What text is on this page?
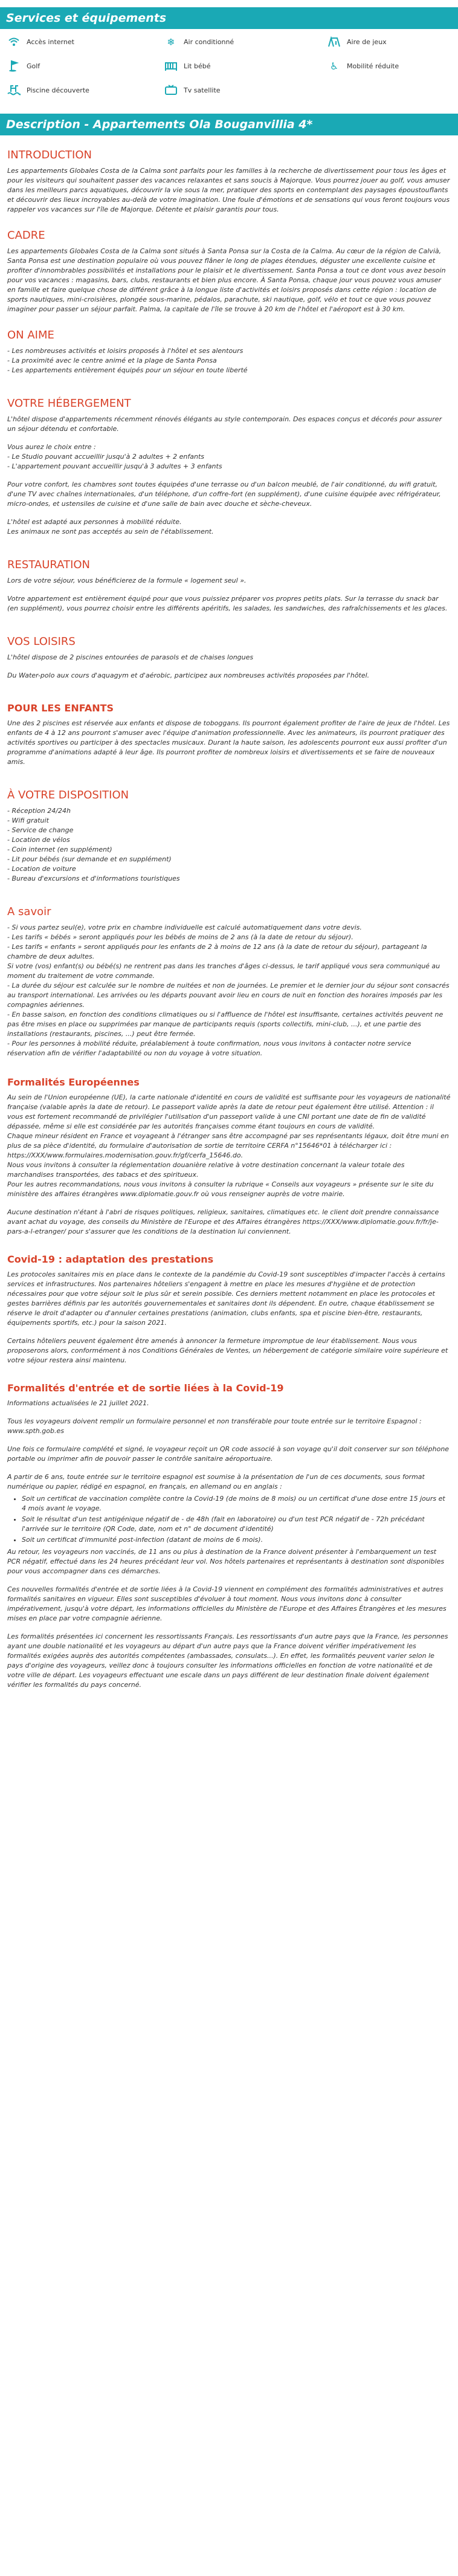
Services et équipements
Accès internet	❄	Air conditionné	Aire de jeux
Golf	Lit bébé	♿	Mobilité réduite
Piscine découverte	Tv satellite
Description - Appartements Ola Bouganvillia 4*
INTRODUCTION

Les appartements Globales Costa de la Calma sont parfaits pour les familles à la recherche de divertissement pour tous les âges et pour les visiteurs qui souhaitent passer des vacances relaxantes et sans soucis à Majorque. Vous pourrez jouer au golf, vous amuser dans les meilleurs parcs aquatiques, découvrir la vie sous la mer, pratiquer des sports en contemplant des paysages époustouflants et découvrir des lieux incroyables au-delà de votre imagination. Une foule d'émotions et de sensations qui vous feront toujours vous rappeler vos vacances sur l'île de Majorque. Détente et plaisir garantis pour tous.

CADRE

Les appartements Globales Costa de la Calma sont situés à Santa Ponsa sur la Costa de la Calma. Au cœur de la région de Calvià, Santa Ponsa est une destination populaire où vous pouvez flâner le long de plages étendues, déguster une excellente cuisine et profiter d'innombrables possibilités et installations pour le plaisir et le divertissement. Santa Ponsa a tout ce dont vous avez besoin pour vos vacances : magasins, bars, clubs, restaurants et bien plus encore. À Santa Ponsa, chaque jour vous pouvez vous amuser en famille et faire quelque chose de différent grâce à la longue liste d'activités et loisirs proposés dans cette région : location de sports nautiques, mini-croisières, plongée sous-marine, pédalos, parachute, ski nautique, golf, vélo et tout ce que vous pouvez imaginer pour passer un séjour parfait. Palma, la capitale de l'île se trouve à 20 km de l'hôtel et l'aéroport est à 30 km.

ON AIME

- Les nombreuses activités et loisirs proposés à l'hôtel et ses alentours

- La proximité avec le centre animé et la plage de Santa Ponsa

- Les appartements entièrement équipés pour un séjour en toute liberté

VOTRE HÉBERGEMENT

L'hôtel dispose d'appartements récemment rénovés élégants au style contemporain. Des espaces conçus et décorés pour assurer un séjour détendu et confortable.

Vous aurez le choix entre :

- Le Studio pouvant accueillir jusqu'à 2 adultes + 2 enfants

- L'appartement pouvant accueillir jusqu'à 3 adultes + 3 enfants

Pour votre confort, les chambres sont toutes équipées d'une terrasse ou d'un balcon meublé, de l'air conditionné, du wifi gratuit, d'une TV avec chaînes internationales, d'un téléphone, d'un coffre-fort (en supplément), d'une cuisine équipée avec réfrigérateur, micro-ondes, et ustensiles de cuisine et d'une salle de bain avec douche et sèche-cheveux.

L'hôtel est adapté aux personnes à mobilité réduite.

Les animaux ne sont pas acceptés au sein de l'établissement.

RESTAURATION

Lors de votre séjour, vous bénéficierez de la formule « logement seul ».

Votre appartement est entièrement équipé pour que vous puissiez préparer vos propres petits plats. Sur la terrasse du snack bar (en supplément), vous pourrez choisir entre les différents apéritifs, les salades, les sandwiches, des rafraîchissements et les glaces.

VOS LOISIRS

L'hôtel dispose de 2 piscines entourées de parasols et de chaises longues

Du Water-polo aux cours d'aquagym et d'aérobic, participez aux nombreuses activités proposées par l'hôtel.

POUR LES ENFANTS

Une des 2 piscines est réservée aux enfants et dispose de toboggans. Ils pourront également profiter de l'aire de jeux de l'hôtel. Les enfants de 4 à 12 ans pourront s'amuser avec l'équipe d'animation professionnelle. Avec les animateurs, ils pourront pratiquer des activités sportives ou participer à des spectacles musicaux. Durant la haute saison, les adolescents pourront eux aussi profiter d'un programme d'animations adapté à leur âge. Ils pourront profiter de nombreux loisirs et divertissements et se faire de nouveaux amis.

À VOTRE DISPOSITION

- Réception 24/24h

- Wifi gratuit

- Service de change

- Location de vélos

- Coin internet (en supplément)

- Lit pour bébés (sur demande et en supplément)

- Location de voiture

- Bureau d'excursions et d'informations touristiques

A savoir

- Si vous partez seul(e), votre prix en chambre individuelle est calculé automatiquement dans votre devis.

- Les tarifs « bébés » seront appliqués pour les bébés de moins de 2 ans (à la date de retour du séjour).

- Les tarifs « enfants » seront appliqués pour les enfants de 2 à moins de 12 ans (à la date de retour du séjour), partageant la chambre de deux adultes.

Si votre (vos) enfant(s) ou bébé(s) ne rentrent pas dans les tranches d'âges ci-dessus, le tarif appliqué vous sera communiqué au moment du traitement de votre commande.

- La durée du séjour est calculée sur le nombre de nuitées et non de journées. Le premier et le dernier jour du séjour sont consacrés au transport international. Les arrivées ou les départs pouvant avoir lieu en cours de nuit en fonction des horaires imposés par les compagnies aériennes.

- En basse saison, en fonction des conditions climatiques ou si l'affluence de l'hôtel est insuffisante, certaines activités peuvent ne pas être mises en place ou supprimées par manque de participants requis (sports collectifs, mini-club, ...), et une partie des installations (restaurants, piscines, ...) peut être fermée.

- Pour les personnes à mobilité réduite, préalablement à toute confirmation, nous vous invitons à contacter notre service réservation afin de vérifier l'adaptabilité ou non du voyage à votre situation.

Formalités Européennes

Au sein de l'Union européenne (UE), la carte nationale d'identité en cours de validité est suffisante pour les voyageurs de nationalité française (valable après la date de retour). Le passeport valide après la date de retour peut également être utilisé. Attention : il vous est fortement recommandé de privilégier l'utilisation d'un passeport valide à une CNI portant une date de fin de validité dépassée, même si elle est considérée par les autorités françaises comme étant toujours en cours de validité.

Chaque mineur résident en France et voyageant à l'étranger sans être accompagné par ses représentants légaux, doit être muni en plus de sa pièce d'identité, du formulaire d'autorisation de sortie de territoire CERFA n°15646*01 à télécharger ici : https://XXX/www.formulaires.modernisation.gouv.fr/gf/cerfa_15646.do.

Nous vous invitons à consulter la réglementation douanière relative à votre destination concernant la valeur totale des marchandises transportées, des tabacs et des spiritueux.

Pour les autres recommandations, nous vous invitons à consulter la rubrique « Conseils aux voyageurs » présente sur le site du ministère des affaires étrangères www.diplomatie.gouv.fr où vous renseigner auprès de votre mairie.

Aucune destination n'étant à l'abri de risques politiques, religieux, sanitaires, climatiques etc. le client doit prendre connaissance avant achat du voyage, des conseils du Ministère de l'Europe et des Affaires étrangères https://XXX/www.diplomatie.gouv.fr/fr/je-pars-a-l-etranger/ pour s'assurer que les conditions de la destination lui conviennent.

Covid-19 : adaptation des prestations

Les protocoles sanitaires mis en place dans le contexte de la pandémie du Covid-19 sont susceptibles d'impacter l'accès à certains services et infrastructures. Nos partenaires hôteliers s'engagent à mettre en place les mesures d'hygiène et de protection nécessaires pour que votre séjour soit le plus sûr et serein possible. Ces derniers mettent notamment en place les protocoles et gestes barrières définis par les autorités gouvernementales et sanitaires dont ils dépendent. En outre, chaque établissement se réserve le droit d'adapter ou d'annuler certaines prestations (animation, clubs enfants, spa et piscine bien-être, restaurants, équipements sportifs, etc.) pour la saison 2021.

Certains hôteliers peuvent également être amenés à annoncer la fermeture impromptue de leur établissement. Nous vous proposerons alors, conformément à nos Conditions Générales de Ventes, un hébergement de catégorie similaire voire supérieure et votre séjour restera ainsi maintenu.

Formalités d'entrée et de sortie liées à la Covid-19

Informations actualisées le 21 juillet 2021.

Tous les voyageurs doivent remplir un formulaire personnel et non transférable pour toute entrée sur le territoire Espagnol : www.spth.gob.es

Une fois ce formulaire complété et signé, le voyageur reçoit un QR code associé à son voyage qu'il doit conserver sur son téléphone portable ou imprimer afin de pouvoir passer le contrôle sanitaire aéroportuaire.

A partir de 6 ans, toute entrée sur le territoire espagnol est soumise à la présentation de l'un de ces documents, sous format numérique ou papier, rédigé en espagnol, en français, en allemand ou en anglais :

• Soit un certificat de vaccination complète contre la Covid-19 (de moins de 8 mois) ou un certificat d'une dose entre 15 jours et 4 mois avant le voyage.
• Soit le résultat d'un test antigénique négatif de - de 48h (fait en laboratoire) ou d'un test PCR négatif de - 72h précédant l'arrivée sur le territoire (QR Code, date, nom et n° de document d'identité)
• Soit un certificat d'immunité post-infection (datant de moins de 6 mois).

Au retour, les voyageurs non vaccinés, de 11 ans ou plus à destination de la France doivent présenter à l'embarquement un test PCR négatif, effectué dans les 24 heures précédant leur vol. Nos hôtels partenaires et représentants à destination sont disponibles pour vous accompagner dans ces démarches.

Ces nouvelles formalités d'entrée et de sortie liées à la Covid-19 viennent en complément des formalités administratives et autres formalités sanitaires en vigueur. Elles sont susceptibles d'évoluer à tout moment. Nous vous invitons donc à consulter impérativement, jusqu'à votre départ, les informations officielles du Ministère de l'Europe et des Affaires Étrangères et les mesures mises en place par votre compagnie aérienne.

Les formalités présentées ici concernent les ressortissants Français. Les ressortissants d'un autre pays que la France, les personnes ayant une double nationalité et les voyageurs au départ d'un autre pays que la France doivent vérifier impérativement les formalités exigées auprès des autorités compétentes (ambassades, consulats...). En effet, les formalités peuvent varier selon le pays d'origine des voyageurs, veillez donc à toujours consulter les informations officielles en fonction de votre nationalité et de votre ville de départ. Les voyageurs effectuant une escale dans un pays différent de leur destination finale doivent également vérifier les formalités du pays concerné.
